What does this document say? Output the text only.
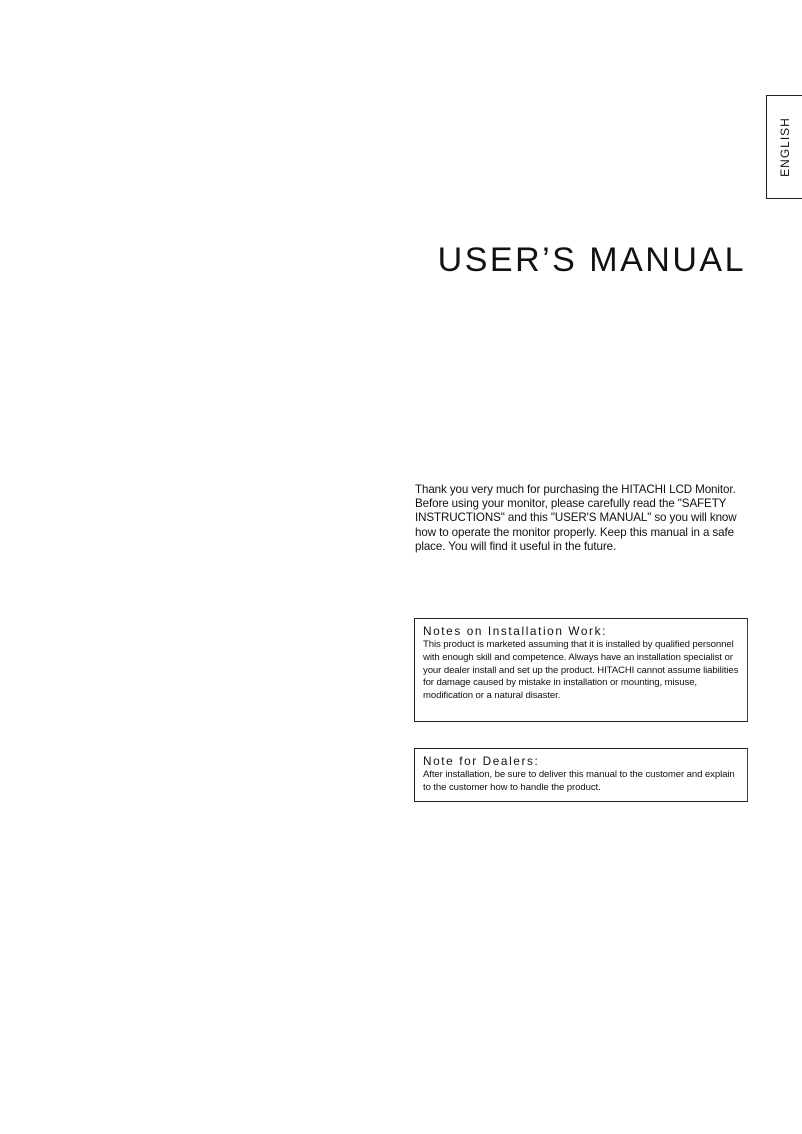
ENGLISH
USER’S MANUAL

Thank you very much for purchasing the HITACHI LCD Monitor. Before using your monitor, please carefully read the "SAFETY INSTRUCTIONS" and this "USER'S MANUAL" so you will know how to operate the monitor properly. Keep this manual in a safe place. You will find it useful in the future.

Notes on Installation Work:

This product is marketed assuming that it is installed by qualified personnel with enough skill and competence. Always have an installation specialist or your dealer install and set up the product. HITACHI cannot assume liabilities for damage caused by mistake in installation or mounting, misuse, modification or a natural disaster.

Note for Dealers:

After installation, be sure to deliver this manual to the customer and explain to the customer how to handle the product.
